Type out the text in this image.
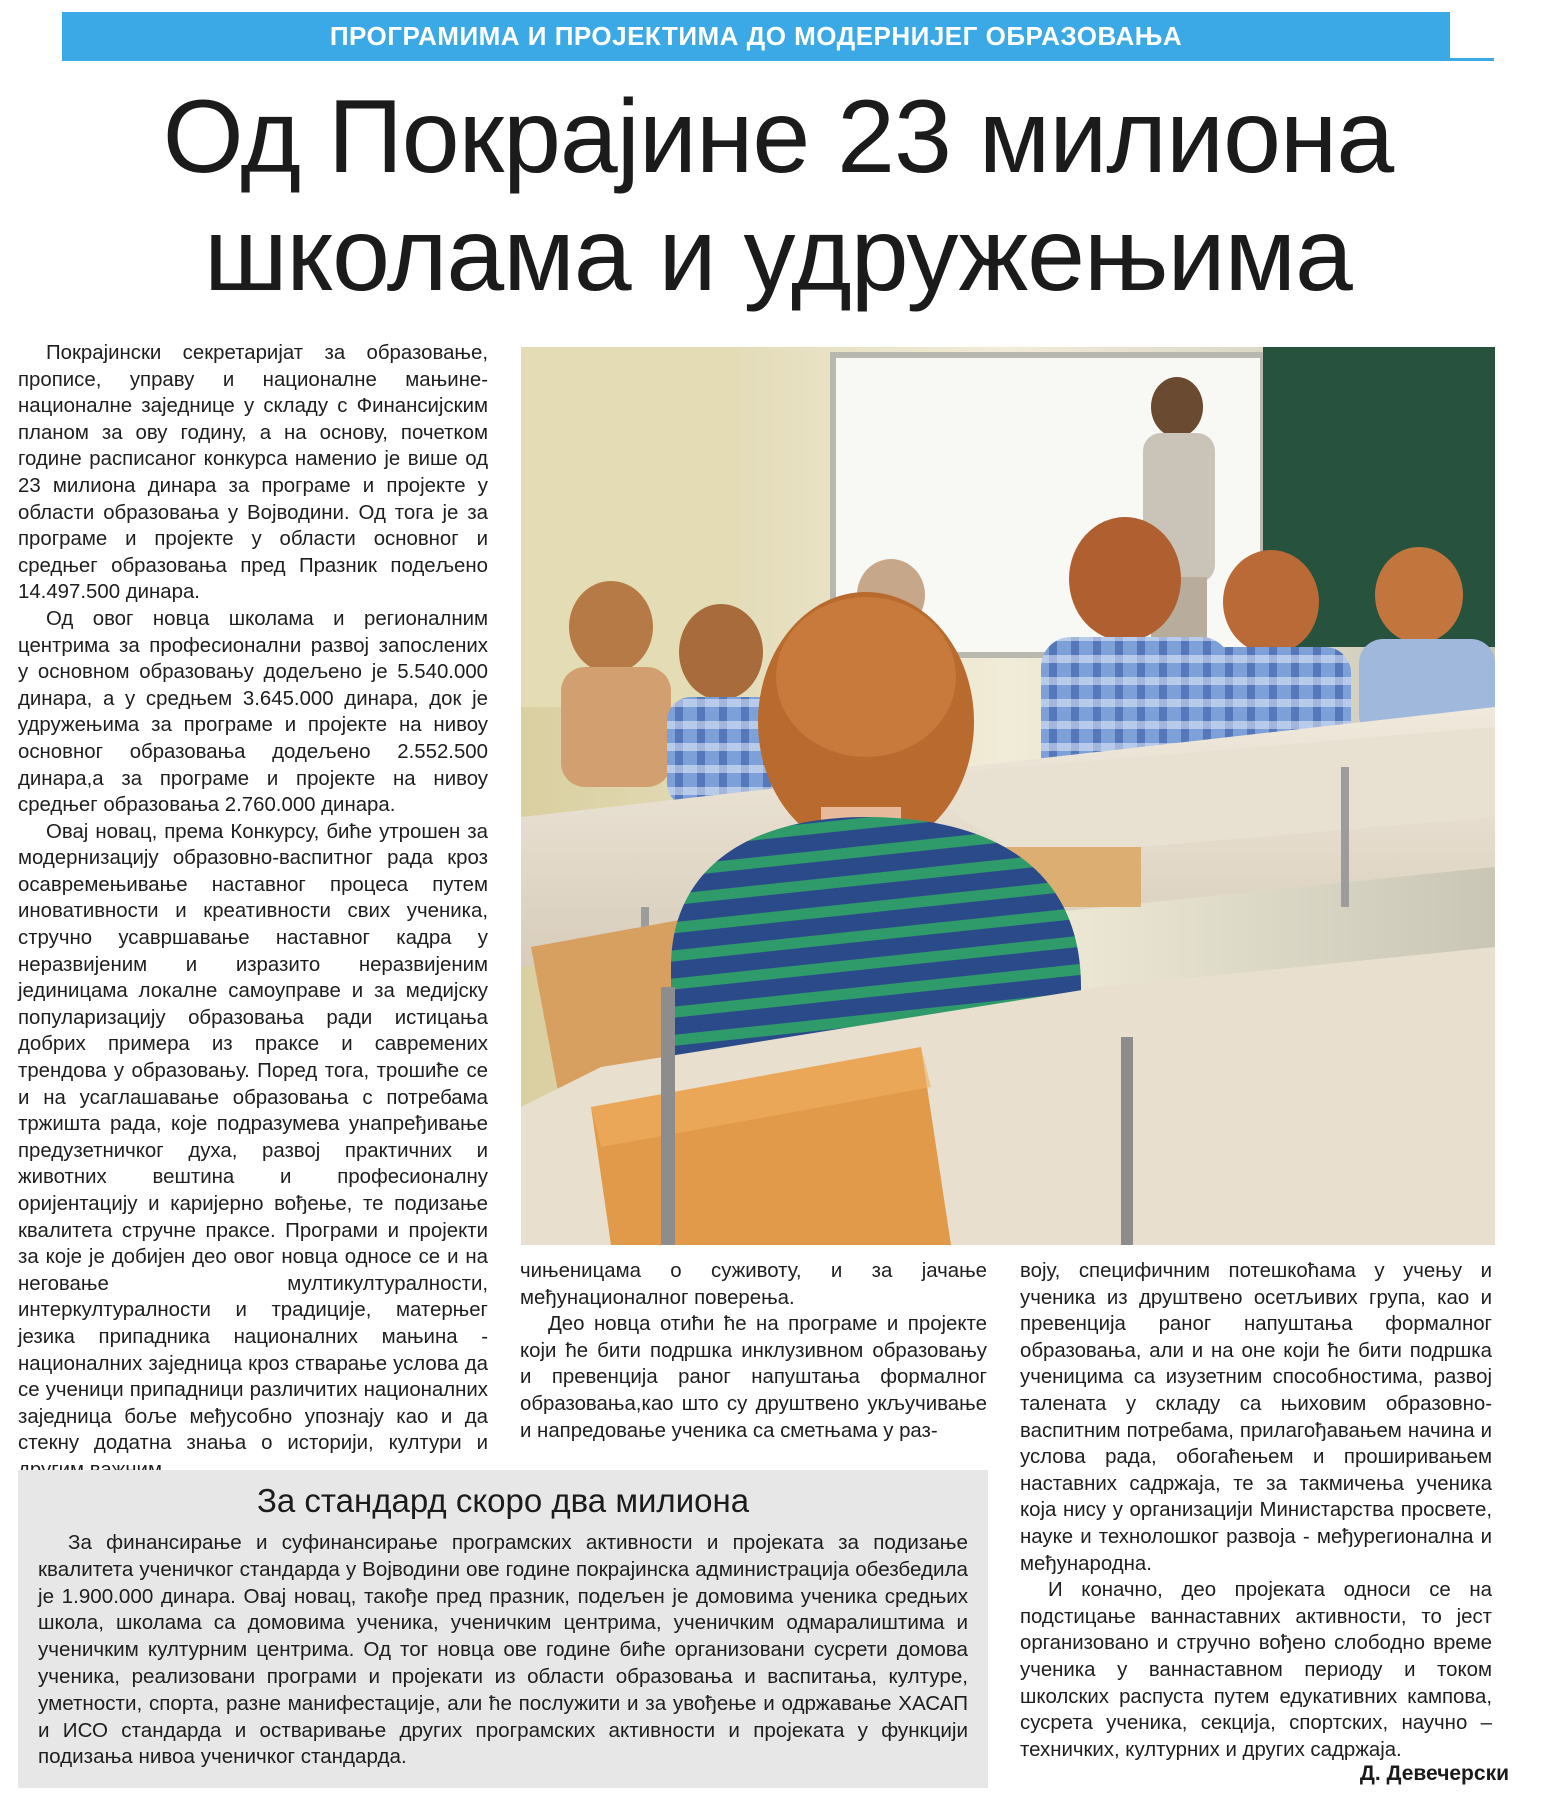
ПРОГРАМИМА И ПРОЈЕКТИМА ДО МОДЕРНИЈЕГ ОБРАЗОВАЊА
Од Покрајине 23 милиона
школама и удружењима

Покрајински секретаријат за образовање, прописе, управу и националне мањине-националне заједнице у складу с Финансијским планом за ову годину, а на основу, почетком године расписаног конкурса наменио је више од 23 милиона динара за програме и пројекте у области образовања у Војводини. Од тога је за програме и пројекте у области основног и средњег образовања пред Празник подељено 14.497.500 динара.

Од овог новца школама и регионалним центрима за професионални развој запослених у основном образовању додељено је 5.540.000 динара, а у средњем 3.645.000 динара, док је удружењима за програме и пројекте на нивоу основног образовања додељено 2.552.500 динара,а за програме и пројекте на нивоу средњег образовања 2.760.000 динара.

Овај новац, према Конкурсу, биће утрошен за модернизацију образовно-васпитног рада кроз осавремењивање наставног процеса путем иновативности и креативности свих ученика, стручно усавршавање наставног кадра у неразвијеним и изразито неразвијеним јединицама локалне самоуправе и за медијску популаризацију образовања ради истицања добрих примера из праксе и савремених трендова у образовању. Поред тога, трошиће се и на усаглашавање образовања с потребама тржишта рада, које подразумева унапређивање предузетничког духа, развој практичних и животних вештина и професионалну оријентацију и каријерно вођење, те подизање квалитета стручне праксе. Програми и пројекти за које је добијен део овог новца односе се и на неговање мултикултуралности, интеркултуралности и традиције, матерњег језика припадника националних мањина - националних заједница кроз стварање услова да се ученици припадници различитих националних заједница боље међусобно упознају као и да стекну додатна знања о историји, култури и

чињеницама о суживоту, и за јачање међунационалног поверења.

Део новца отићи ће на програме и пројекте који ће бити подршка инклузивном образовању и превенција раног напуштања формалног образовања,као што су друштвено укључивање и напредовање ученика са сметњама у раз-

воју, специфичним потешкоћама у учењу и ученика из друштвено осетљивих група, као и превенција раног напуштања формалног образовања, али и на оне који ће бити подршка ученицима са изузетним способностима, развој талената у складу са њиховим образовно-васпитним потребама, прилагођавањем начина и услова рада, обогаћењем и проширивањем наставних садржаја, те за такмичења ученика која нису у организацији Министарства просвете, науке и технолошког развоја - међурегионална и међународна.

И коначно, део пројеката односи се на подстицање ваннаставних активности, то јест организовано и стручно вођено слободно време ученика у ваннаставном периоду и током школских распуста путем едукативних кампова, сусрета ученика, секција, спортских, научно – техничких, културних и других садржаја.

За стандард скоро два милиона

За финансирање и суфинансирање програмских активности и пројеката за подизање квалитета ученичког стандарда у Војводини ове године покрајинска администрација обезбедила је 1.900.000 динара. Овај новац, такође пред празник, подељен је домовима ученика средњих школа, школама са домовима ученика, ученичким центрима, ученичким одмаралиштима и ученичким културним центрима. Од тог новца ове године биће организовани сусрети домова ученика, реализовани програми и пројекати из области образовања и васпитања, културе, уметности, спорта, разне манифестације, али ће послужити и за увођење и одржавање ХАСАП и ИСО стандарда и остваривање других програмских активности и пројеката у функцији подизања нивоа ученичког стандарда.

Д. Девечерски
